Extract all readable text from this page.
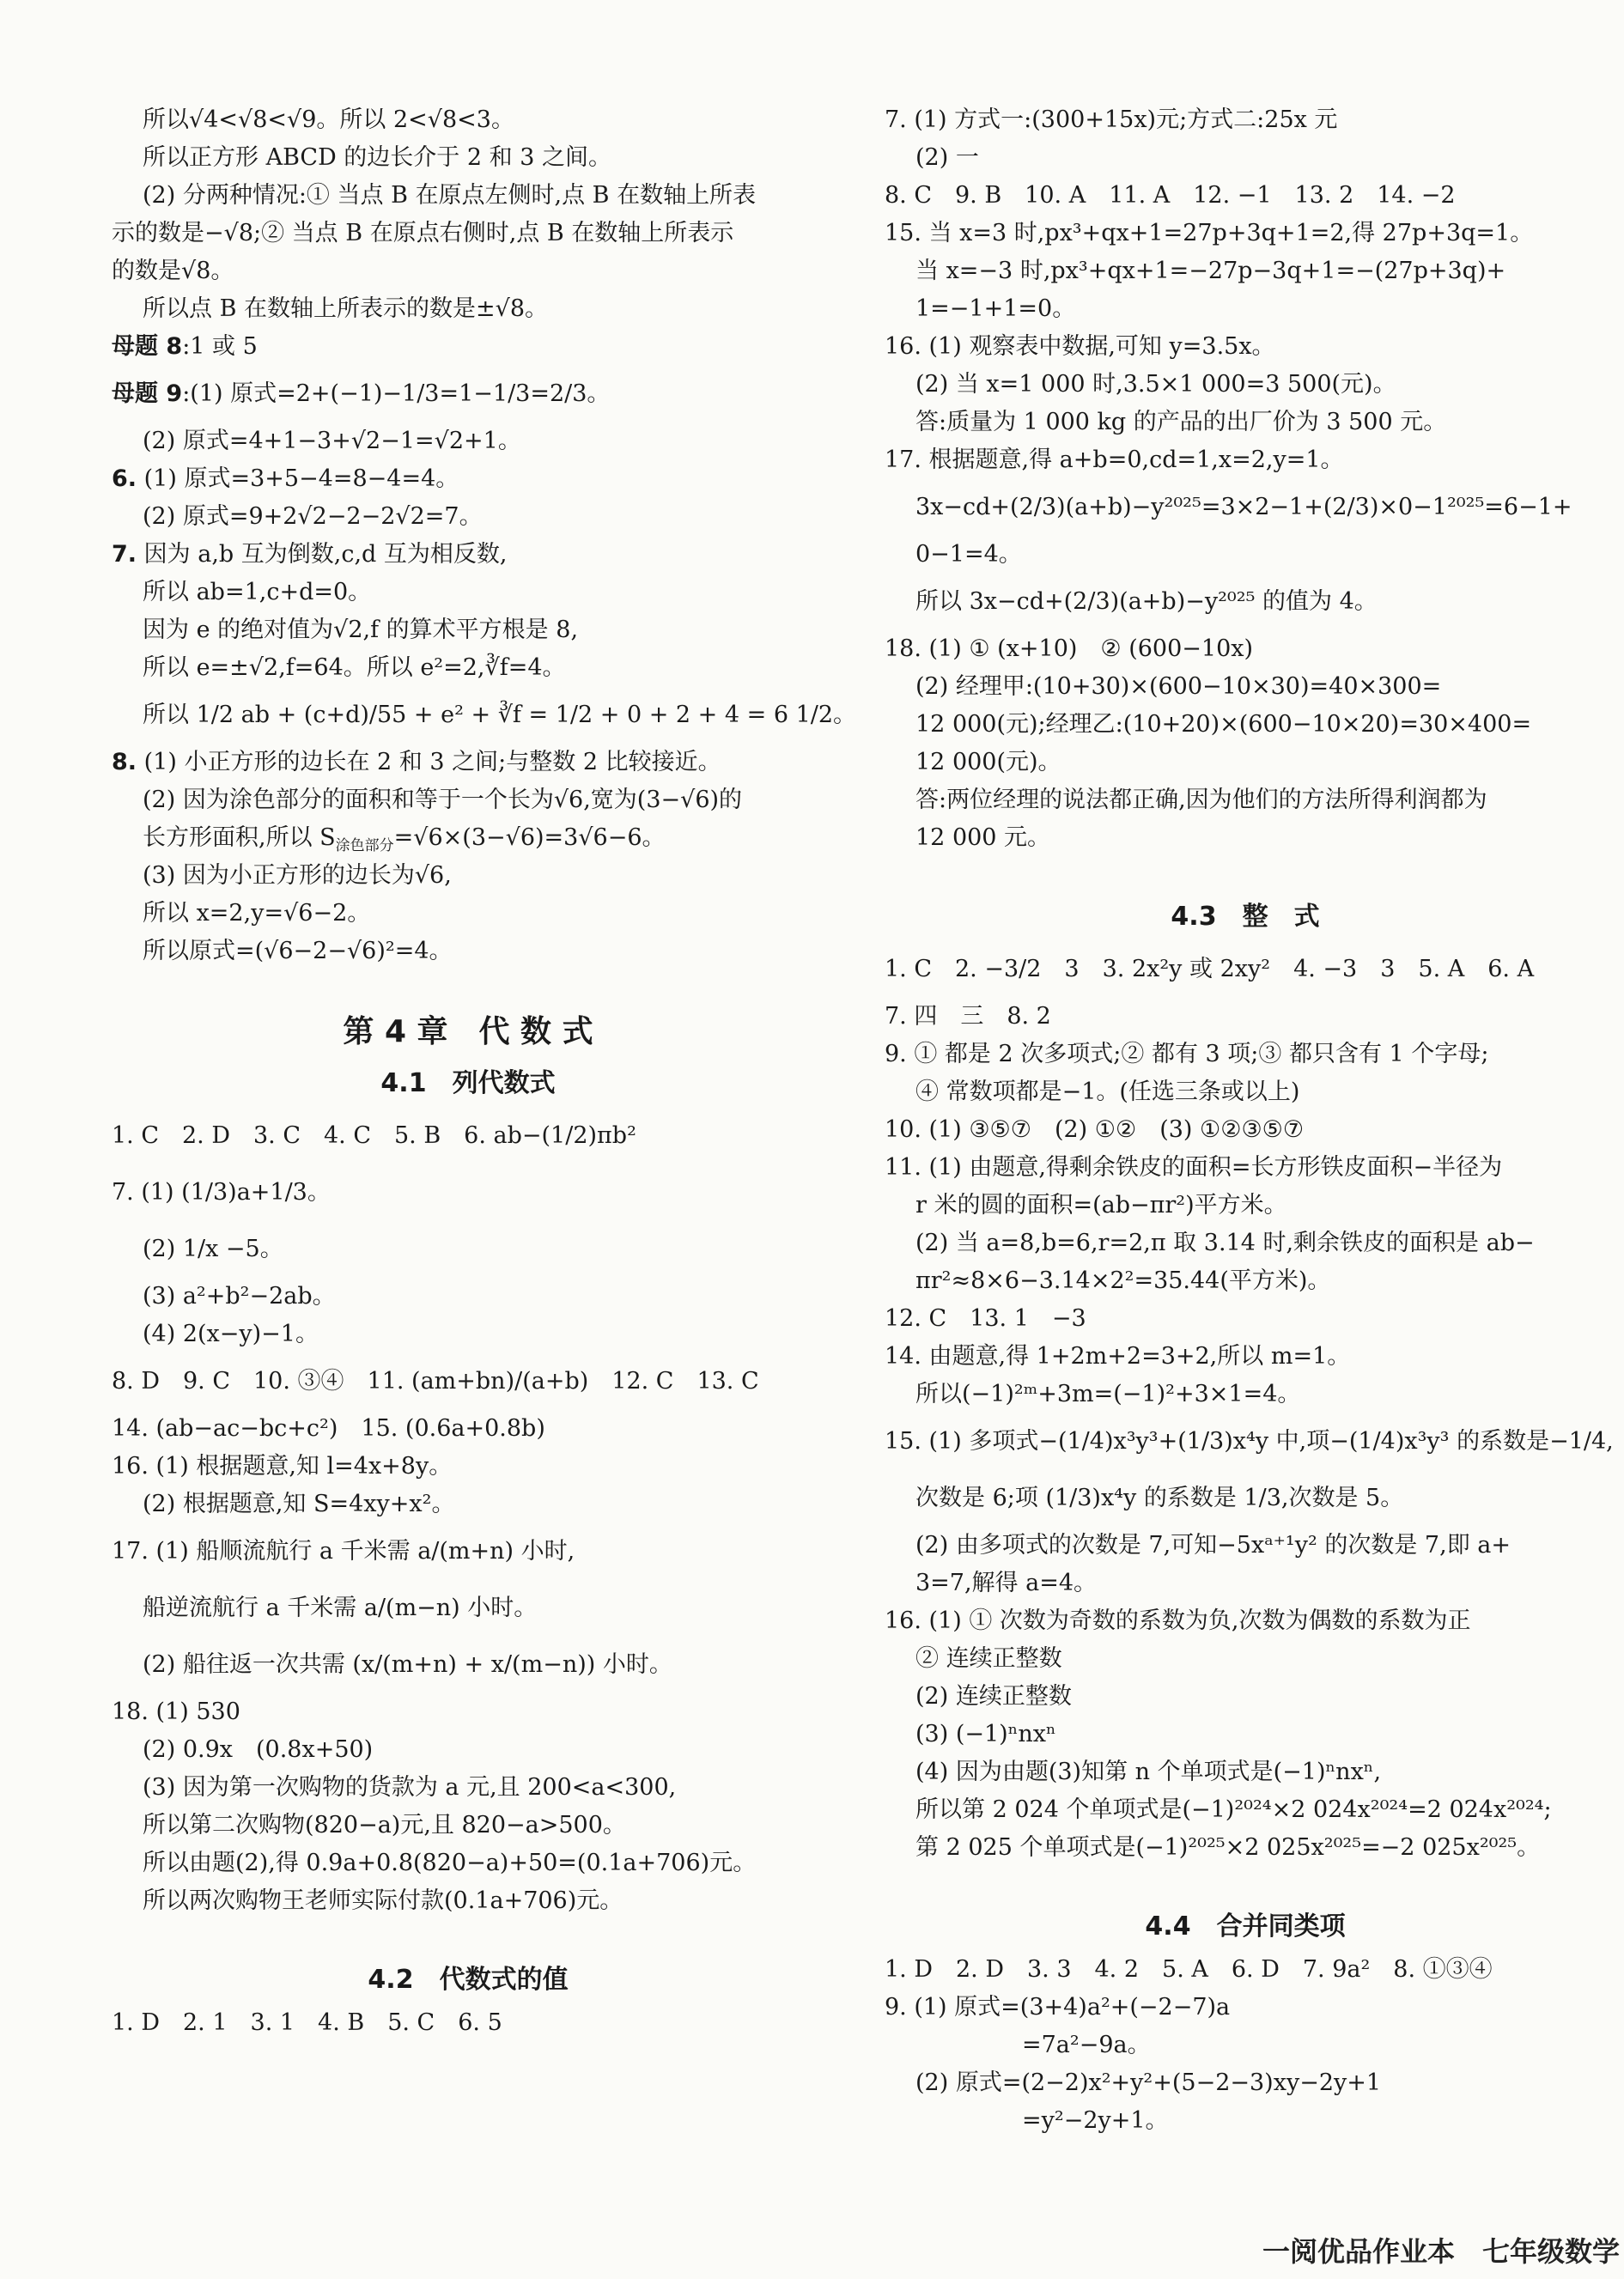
所以√4<√8<√9。所以 2<√8<3。
所以正方形 ABCD 的边长介于 2 和 3 之间。
(2) 分两种情况:① 当点 B 在原点左侧时,点 B 在数轴上所表
示的数是−√8;② 当点 B 在原点右侧时,点 B 在数轴上所表示
的数是√8。
所以点 B 在数轴上所表示的数是±√8。
母题 8:1 或 5
母题 9:(1) 原式=2+(−1)−1/3=1−1/3=2/3。
(2) 原式=4+1−3+√2−1=√2+1。
6. (1) 原式=3+5−4=8−4=4。
(2) 原式=9+2√2−2−2√2=7。
7. 因为 a,b 互为倒数,c,d 互为相反数,
所以 ab=1,c+d=0。
因为 e 的绝对值为√2,f 的算术平方根是 8,
所以 e=±√2,f=64。所以 e²=2,∛f=4。
所以 1/2 ab + (c+d)/55 + e² + ∛f = 1/2 + 0 + 2 + 4 = 6 1/2。
8. (1) 小正方形的边长在 2 和 3 之间;与整数 2 比较接近。
(2) 因为涂色部分的面积和等于一个长为√6,宽为(3−√6)的
长方形面积,所以 $S_{涂色部分}=√6\times(3-√6)=3√6-6$。
(3) 因为小正方形的边长为√6,
所以 x=2,y=√6−2。
所以原式=(√6−2−√6)²=4。
第 4 章　代 数 式
4.1　列代数式
1. C　2. D　3. C　4. C　5. B　6. ab−(1/2)πb²
7. (1) (1/3)a+1/3。
(2) 1/x −5。
(3) a²+b²−2ab。
(4) 2(x−y)−1。
8. D　9. C　10. ③④　11. (am+bn)/(a+b)　12. C　13. C
14. (ab−ac−bc+c²)　15. (0.6a+0.8b)
16. (1) 根据题意,知 l=4x+8y。
(2) 根据题意,知 S=4xy+x²。
17. (1) 船顺流航行 a 千米需 a/(m+n) 小时,
船逆流航行 a 千米需 a/(m−n) 小时。
(2) 船往返一次共需 (x/(m+n) + x/(m−n)) 小时。
18. (1) 530
(2) 0.9x　(0.8x+50)
(3) 因为第一次购物的货款为 a 元,且 200<a<300,
所以第二次购物(820−a)元,且 820−a>500。
所以由题(2),得 0.9a+0.8(820−a)+50=(0.1a+706)元。
所以两次购物王老师实际付款(0.1a+706)元。
4.2　代数式的值
1. D　2. 1　3. 1　4. B　5. C　6. 5
7. (1) 方式一:(300+15x)元;方式二:25x 元
(2) 一
8. C　9. B　10. A　11. A　12. −1　13. 2　14. −2
15. 当 x=3 时,px³+qx+1=27p+3q+1=2,得 27p+3q=1。
当 x=−3 时,px³+qx+1=−27p−3q+1=−(27p+3q)+
1=−1+1=0。
16. (1) 观察表中数据,可知 y=3.5x。
(2) 当 x=1 000 时,3.5×1 000=3 500(元)。
答:质量为 1 000 kg 的产品的出厂价为 3 500 元。
17. 根据题意,得 a+b=0,cd=1,x=2,y=1。
3x−cd+(2/3)(a+b)−y²⁰²⁵=3×2−1+(2/3)×0−1²⁰²⁵=6−1+
0−1=4。
所以 3x−cd+(2/3)(a+b)−y²⁰²⁵ 的值为 4。
18. (1) ① (x+10)　② (600−10x)
(2) 经理甲:(10+30)×(600−10×30)=40×300=
12 000(元);经理乙:(10+20)×(600−10×20)=30×400=
12 000(元)。
答:两位经理的说法都正确,因为他们的方法所得利润都为
12 000 元。
4.3　整　式
1. C　2. −3/2　3　3. 2x²y 或 2xy²　4. −3　3　5. A　6. A
7. 四　三　8. 2
9. ① 都是 2 次多项式;② 都有 3 项;③ 都只含有 1 个字母;
④ 常数项都是−1。(任选三条或以上)
10. (1) ③⑤⑦　(2) ①②　(3) ①②③⑤⑦
11. (1) 由题意,得剩余铁皮的面积=长方形铁皮面积−半径为
r 米的圆的面积=(ab−πr²)平方米。
(2) 当 a=8,b=6,r=2,π 取 3.14 时,剩余铁皮的面积是 ab−
πr²≈8×6−3.14×2²=35.44(平方米)。
12. C　13. 1　−3
14. 由题意,得 1+2m+2=3+2,所以 m=1。
所以(−1)²ᵐ+3m=(−1)²+3×1=4。
15. (1) 多项式−(1/4)x³y³+(1/3)x⁴y 中,项−(1/4)x³y³ 的系数是−1/4,
次数是 6;项 (1/3)x⁴y 的系数是 1/3,次数是 5。
(2) 由多项式的次数是 7,可知−5xᵃ⁺¹y² 的次数是 7,即 a+
3=7,解得 a=4。
16. (1) ① 次数为奇数的系数为负,次数为偶数的系数为正
② 连续正整数
(2) 连续正整数
(3) (−1)ⁿnxⁿ
(4) 因为由题(3)知第 n 个单项式是(−1)ⁿnxⁿ,
所以第 2 024 个单项式是(−1)²⁰²⁴×2 024x²⁰²⁴=2 024x²⁰²⁴;
第 2 025 个单项式是(−1)²⁰²⁵×2 025x²⁰²⁵=−2 025x²⁰²⁵。
4.4　合并同类项
1. D　2. D　3. 3　4. 2　5. A　6. D　7. 9a²　8. ①③④
9. (1) 原式=(3+4)a²+(−2−7)a
=7a²−9a。
(2) 原式=(2−2)x²+y²+(5−2−3)xy−2y+1
=y²−2y+1。
一阅优品作业本　七年级数学
